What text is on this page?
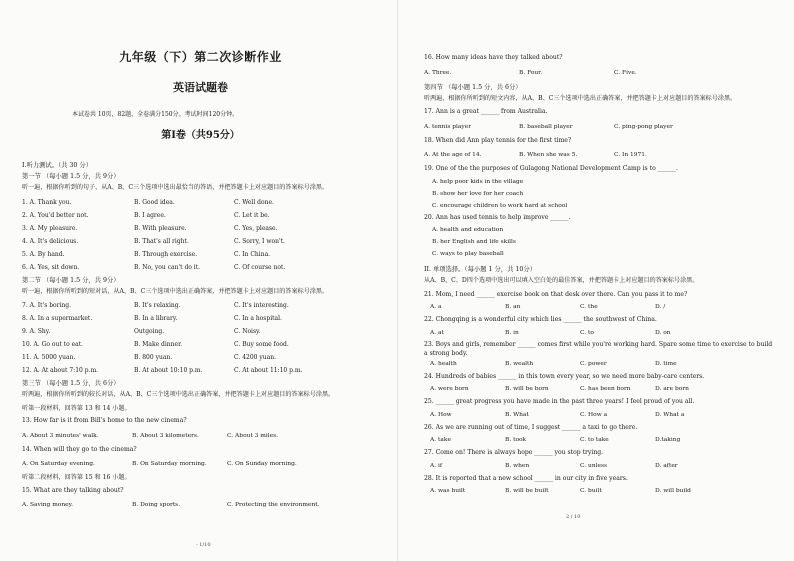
九年级（下）第二次诊断作业
英语试题卷
本试卷共 10页，82题，全卷满分150分。考试时间120分钟。
第Ⅰ卷（共95分）
I.听力测试。（共 30 分）
第一节 （每小题 1.5 分，共 9分）
听一遍，根据你听到的句子，从A、B、C三个选项中选出最恰当的答语，并把答题卡上对应题目的答案标号涂黑。
1. A. Thank you.	B. Good idea.	C. Well done.
2. A. You'd better not.	B. I agree.	C. Let it be.
3. A. My pleasure.	B. With pleasure.	C. Yes, please.
4. A. It's delicious.	B. That's all right.	C. Sorry, I won't.
5. A. By hand.	B. Through exercise.	C. In China.
6. A. Yes, sit down.	B. No, you can't do it.	C. Of course not.
第二节 （每小题 1.5 分，共 9分）
听一遍，根据你所听到的短对话，从A、B、C三个选项中选出正确答案，并把答题卡上对应题目的答案标号涂黑。
7. A. It's boring.	B. It's relaxing.	C. It's interesting.
8. A. In a supermarket.	B. In a library.	C. In a hospital.
9. A. Shy.	Outgoing.	C. Noisy.
10. A. Go out to eat.	B. Make dinner.	C. Buy some food.
11. A. 5000 yuan.	B. 800 yuan.	C. 4200 yuan.
12. A. At about 7:10 p.m.	B. At about 10:10 p.m.	C. At about 11:10 p.m.
第三节 （每小题 1.5 分，共 6分）
听两遍，根据你所听到的较长对话，从A、B、C三个选项中选出正确答案，并把答题卡上对应题目的答案标号涂黑。
听第一段材料，回答第 13 和 14 小题。
13. How far is it from Bill's home to the new cinema?
A. About 3 minutes' walk.	B. About 3 kilometers.	C. About 3 miles.
14. When will they go to the cinema?
A. On Saturday evening.	B. On Saturday morning.	C. On Sunday morning.
听第二段材料，回答第 15 和 16 小题。
15. What are they talking about?
A. Saving money.	B. Doing sports.	C. Protecting the environment.
- 1/10
16. How many ideas have they talked about?
A. Three.	B. Four.	C. Five.
第四节 （每小题 1.5 分，共 6分）
听两遍，根据你所听到的短文内容，从A、B、C三个选项中选出正确答案，并把答题卡上对应题目的答案标号涂黑。
17. Ann is a great ______ from Australia.
A. tennis player	B. baseball player	C. ping-pong player
18. When did Ann play tennis for the first time?
A. At the age of 14.	B. When she was 5.	C. In 1971.
19. One of the the purposes of Gulagong National Development Camp is to ______.
A. help poor kids in the village
B. show her love for her coach
C. encourage children to work hard at school
20. Ann has used tennis to help improve ______.
A. health and education
B. her English and life skills
C. ways to play baseball
II. 单项选择。（每小题 1 分，共 10分）
从A、B、C、D四个选项中选出可以填入空白处的最佳答案，并把答题卡上对应题目的答案标号涂黑。
21. Mom, I need ______ exercise book on that desk over there. Can you pass it to me?
A. a	B. an	C. the	D. /
22. Chongqing is a wonderful city which lies ______ the southwest of China.
A. at	B. in	C. to	D. on
23. Boys and girls, remember ______ comes first while you're working hard. Spare some time to exercise to build a strong body.
A. health	B. wealth	C. power	D. time
24. Hundreds of babies ______ in this town every year, so we need more baby-care centers.
A. were born	B. will be born	C. has been born	D. are born
25. ______ great progress you have made in the past three years! I feel proud of you all.
A. How	B. What	C. How a	D. What a
26. As we are running out of time, I suggest ______ a taxi to go there.
A. take	B. took	C. to take	D.taking
27. Come on! There is always hope ______ you stop trying.
A. if	B. when	C. unless	D. after
28. It is reported that a new school ______ in our city in five years.
A. was built	B. will be built	C. built	D. will build
2 / 10
